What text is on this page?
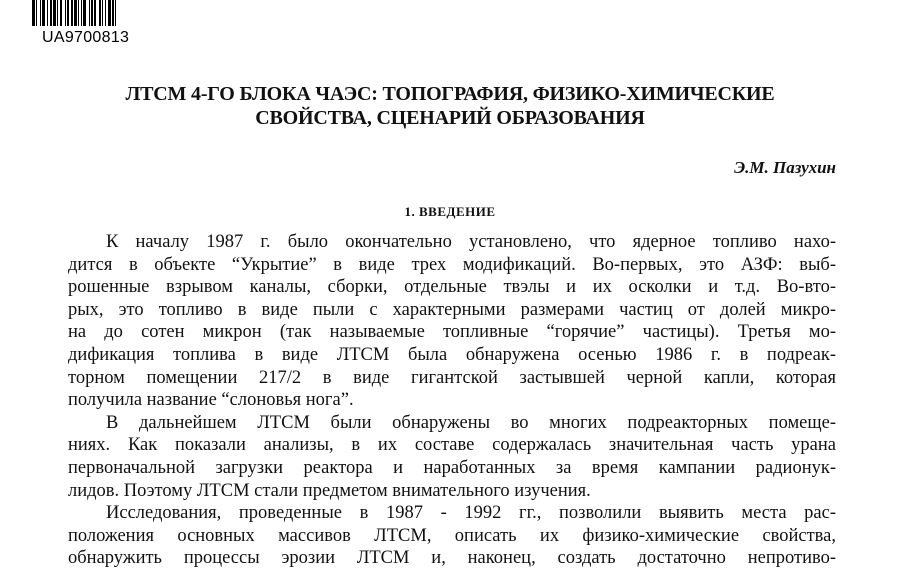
UA9700813
ЛТСМ 4-ГО БЛОКА ЧАЭС: ТОПОГРАФИЯ, ФИЗИКО-ХИМИЧЕСКИЕ
СВОЙСТВА, СЦЕНАРИЙ ОБРАЗОВАНИЯ
Э.М. Пазухин
1. ВВЕДЕНИЕ
К началу 1987 г. было окончательно установлено, что ядерное топливо нахо-
дится в объекте “Укрытие” в виде трех модификаций. Во-первых, это АЗФ: выб-
рошенные взрывом каналы, сборки, отдельные твэлы и их осколки и т.д. Во-вто-
рых, это топливо в виде пыли с характерными размерами частиц от долей микро-
на до сотен микрон (так называемые топливные “горячие” частицы). Третья мо-
дификация топлива в виде ЛТСМ была обнаружена осенью 1986 г. в подреак-
торном помещении 217/2 в виде гигантской застывшей черной капли, которая
получила название “слоновья нога”.
В дальнейшем ЛТСМ были обнаружены во многих подреакторных помеще-
ниях. Как показали анализы, в их составе содержалась значительная часть урана
первоначальной загрузки реактора и наработанных за время кампании радионук-
лидов. Поэтому ЛТСМ стали предметом внимательного изучения.
Исследования, проведенные в 1987 - 1992 гг., позволили выявить места рас-
положения основных массивов ЛТСМ, описать их физико-химические свойства,
обнаружить процессы эрозии ЛТСМ и, наконец, создать достаточно непротиво-
